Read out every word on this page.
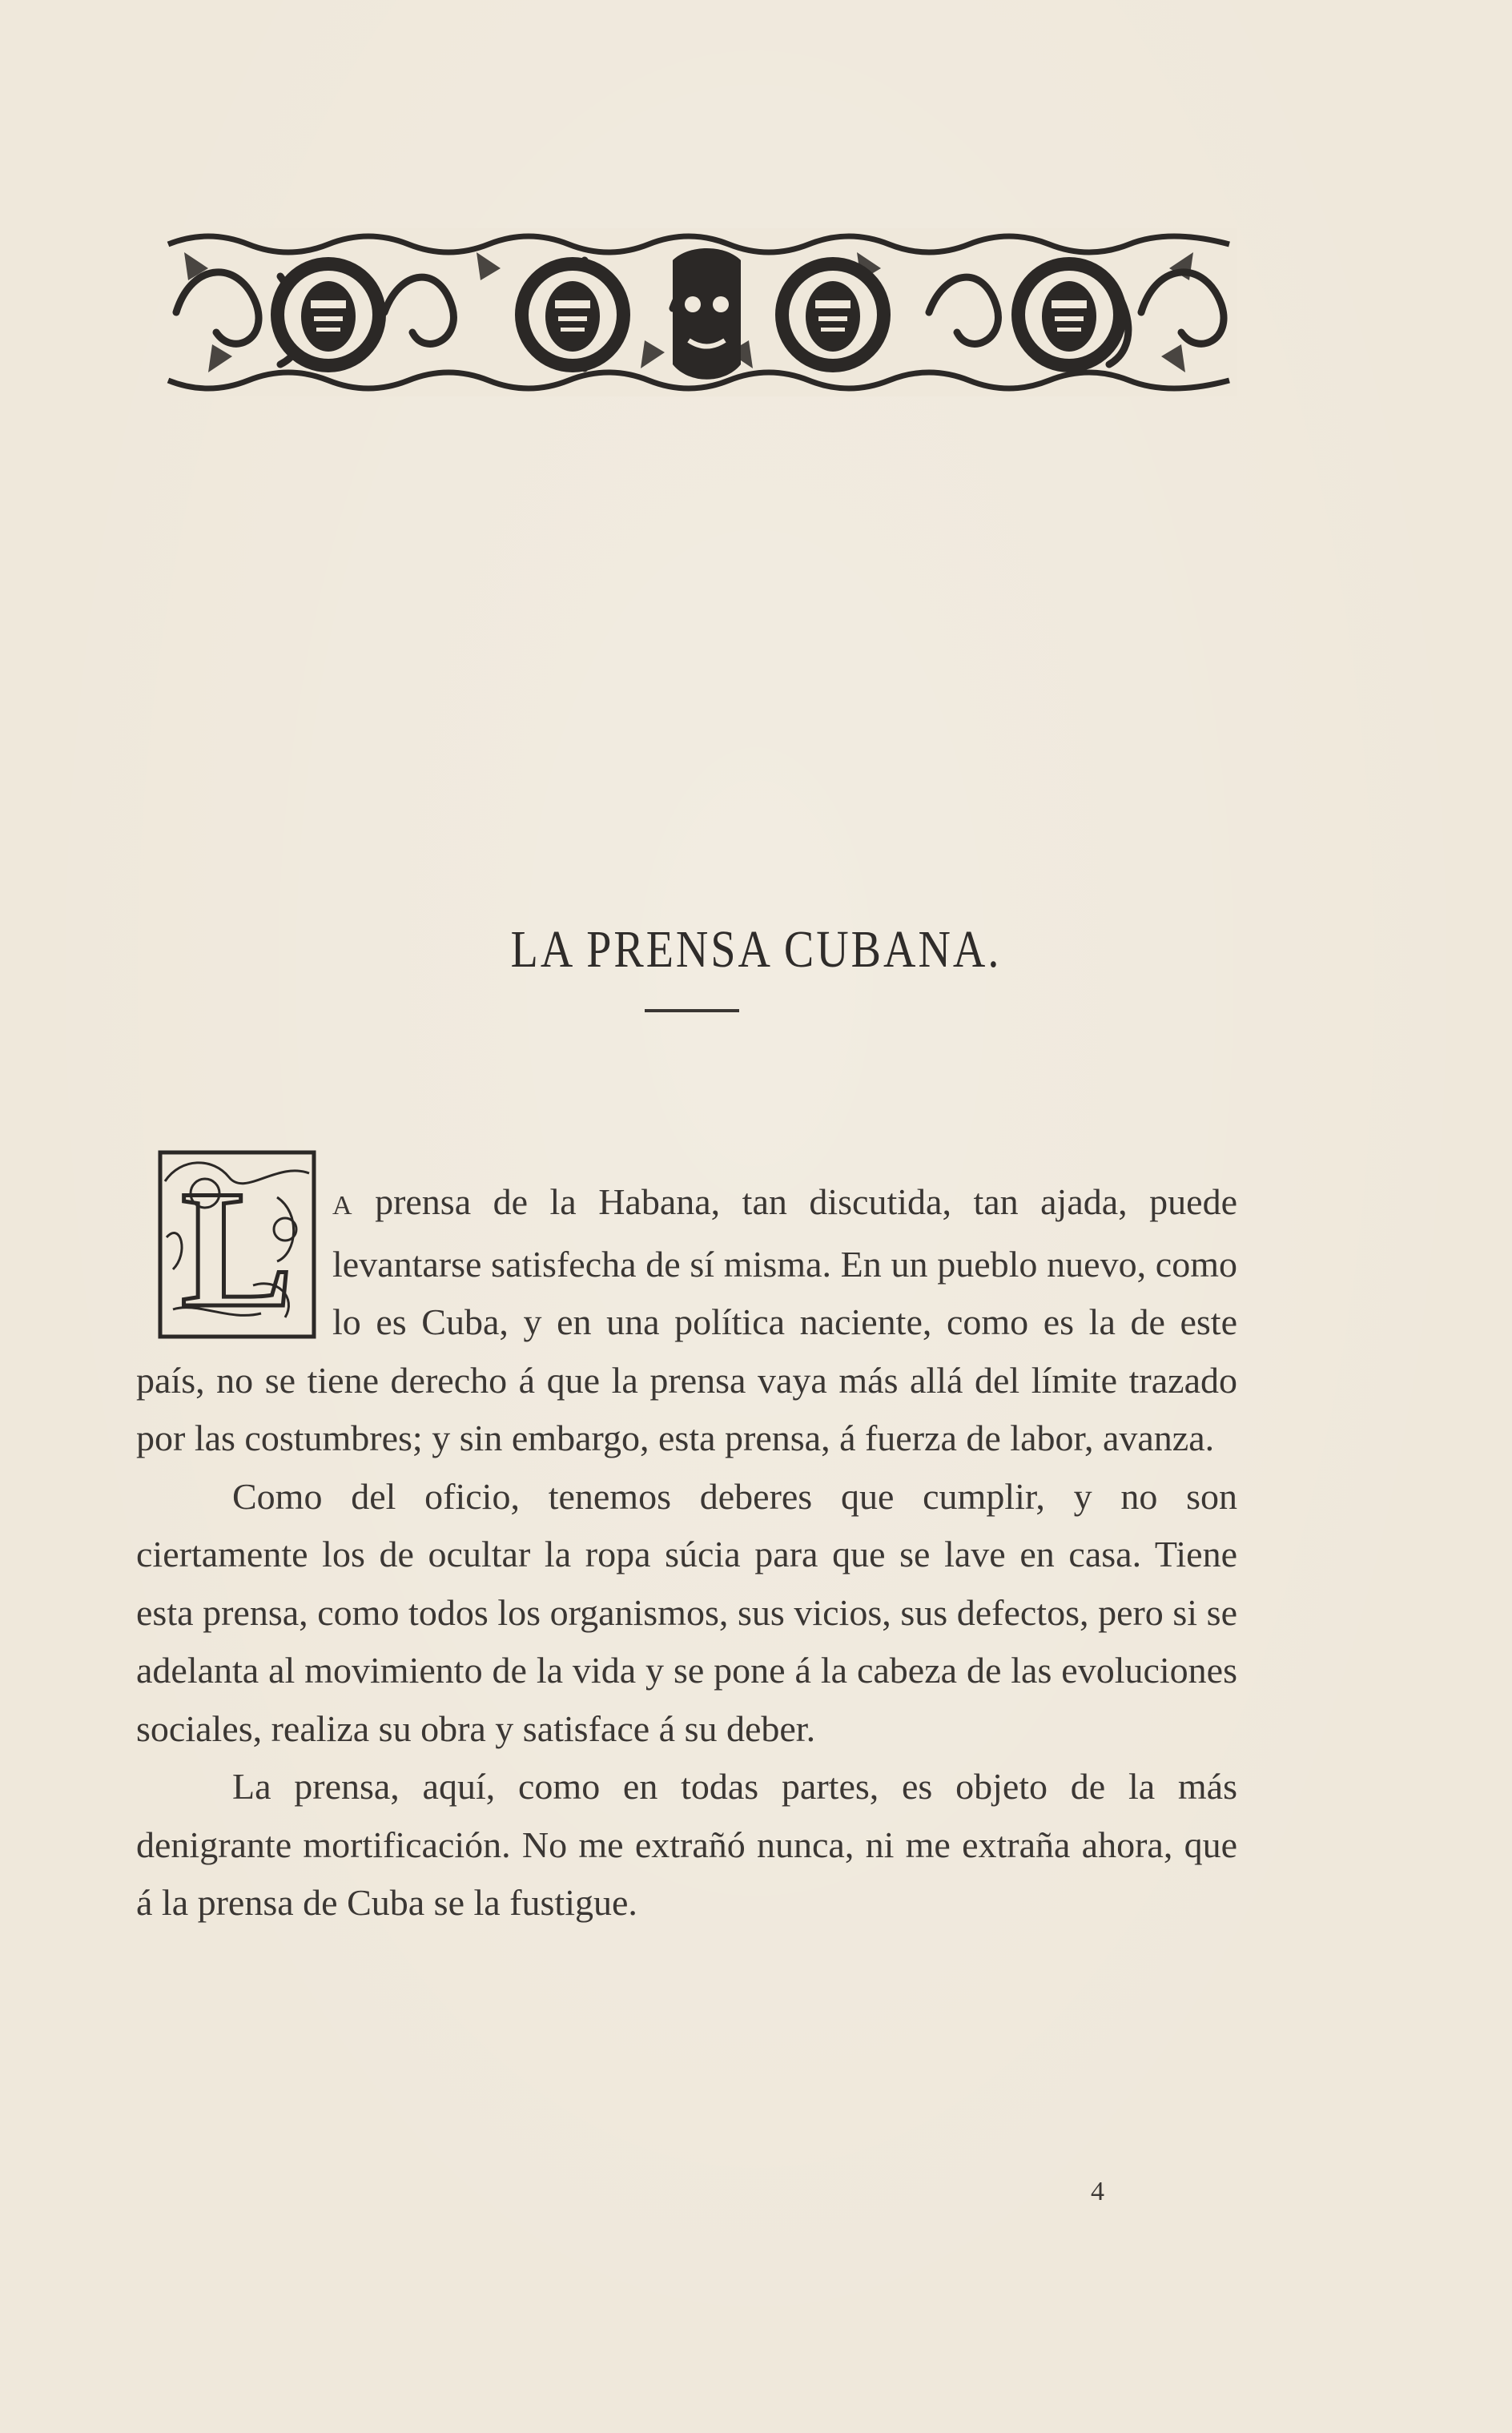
LA PRENSA CUBANA.
L	A prensa de la Habana, tan discutida, tan ajada, puede levantarse satisfecha de sí misma. En un pueblo nuevo, como lo es Cuba, y en una política naciente, como es la de este país, no se tiene derecho á que la prensa vaya más allá del límite trazado por las costumbres; y sin embargo, esta prensa, á fuerza de labor, avanza.

Como del oficio, tenemos deberes que cumplir, y no son ciertamente los de ocultar la ropa súcia para que se lave en casa. Tiene esta prensa, como todos los organismos, sus vicios, sus defectos, pero si se adelanta al movimiento de la vida y se pone á la cabeza de las evoluciones sociales, realiza su obra y satisface á su deber.

La prensa, aquí, como en todas partes, es objeto de la más denigrante mortificación. No me extrañó nunca, ni me extraña ahora, que á la prensa de Cuba se la fustigue.

4
